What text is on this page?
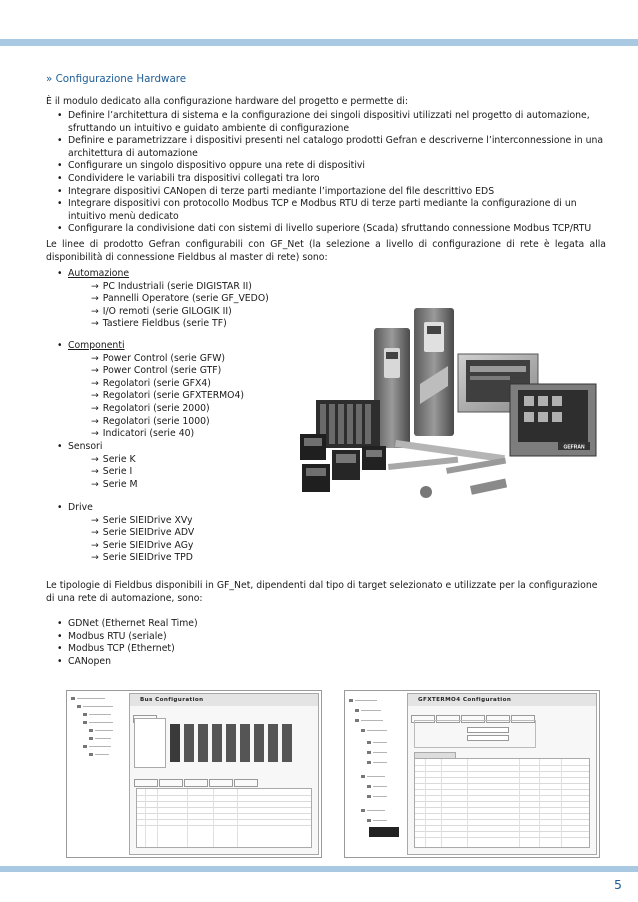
» Configurazione Hardware
È il modulo dedicato alla configurazione hardware del progetto e permette di:
• Definire l’architettura di sistema e la configurazione dei singoli dispositivi utilizzati nel progetto di automazione, sfruttando un intuitivo e guidato ambiente di configurazione
• Definire e parametrizzare i dispositivi presenti nel catalogo prodotti Gefran e descriverne l’interconnessione in una architettura di automazione
• Configurare un singolo dispositivo oppure una rete di dispositivi
• Condividere le variabili tra dispositivi collegati tra loro
• Integrare dispositivi CANopen di terze parti mediante l’importazione del file descrittivo EDS
• Integrare dispositivi con protocollo Modbus TCP e Modbus RTU di terze parti mediante la configurazione di un intuitivo menù dedicato
• Configurare la condivisione dati con sistemi di livello superiore (Scada) sfruttando connessione Modbus TCP/RTU
Le linee di prodotto Gefran configurabili con GF_Net (la selezione a livello di configurazione di rete è legata alla disponibilità di connessione Fieldbus al master di rete) sono:
• Automazione
→ PC Industriali (serie DIGISTAR II)
→ Pannelli Operatore (serie GF_VEDO)
→ I/O remoti (serie GILOGIK II)
→ Tastiere Fieldbus (serie TF)
• Componenti
→ Power Control (serie GFW)
→ Power Control (serie GTF)
→ Regolatori (serie GFX4)
→ Regolatori (serie GFXTERMO4)
→ Regolatori (serie 2000)
→ Regolatori (serie 1000)
→ Indicatori (serie 40)
• Sensori
→ Serie K
→ Serie I
→ Serie M
• Drive
→ Serie SIEIDrive XVy
→ Serie SIEIDrive ADV
→ Serie SIEIDrive AGy
→ Serie SIEIDrive TPD
GEFRAN
Le tipologie di Fieldbus disponibili in GF_Net, dipendenti dal tipo di target selezionato e utilizzate per la configurazione di una rete di automazione, sono:
• GDNet (Ethernet Real Time)
• Modbus RTU (seriale)
• Modbus TCP (Ethernet)
• CANopen
Bus Configuration	GFXTERMO4 Configuration
5
